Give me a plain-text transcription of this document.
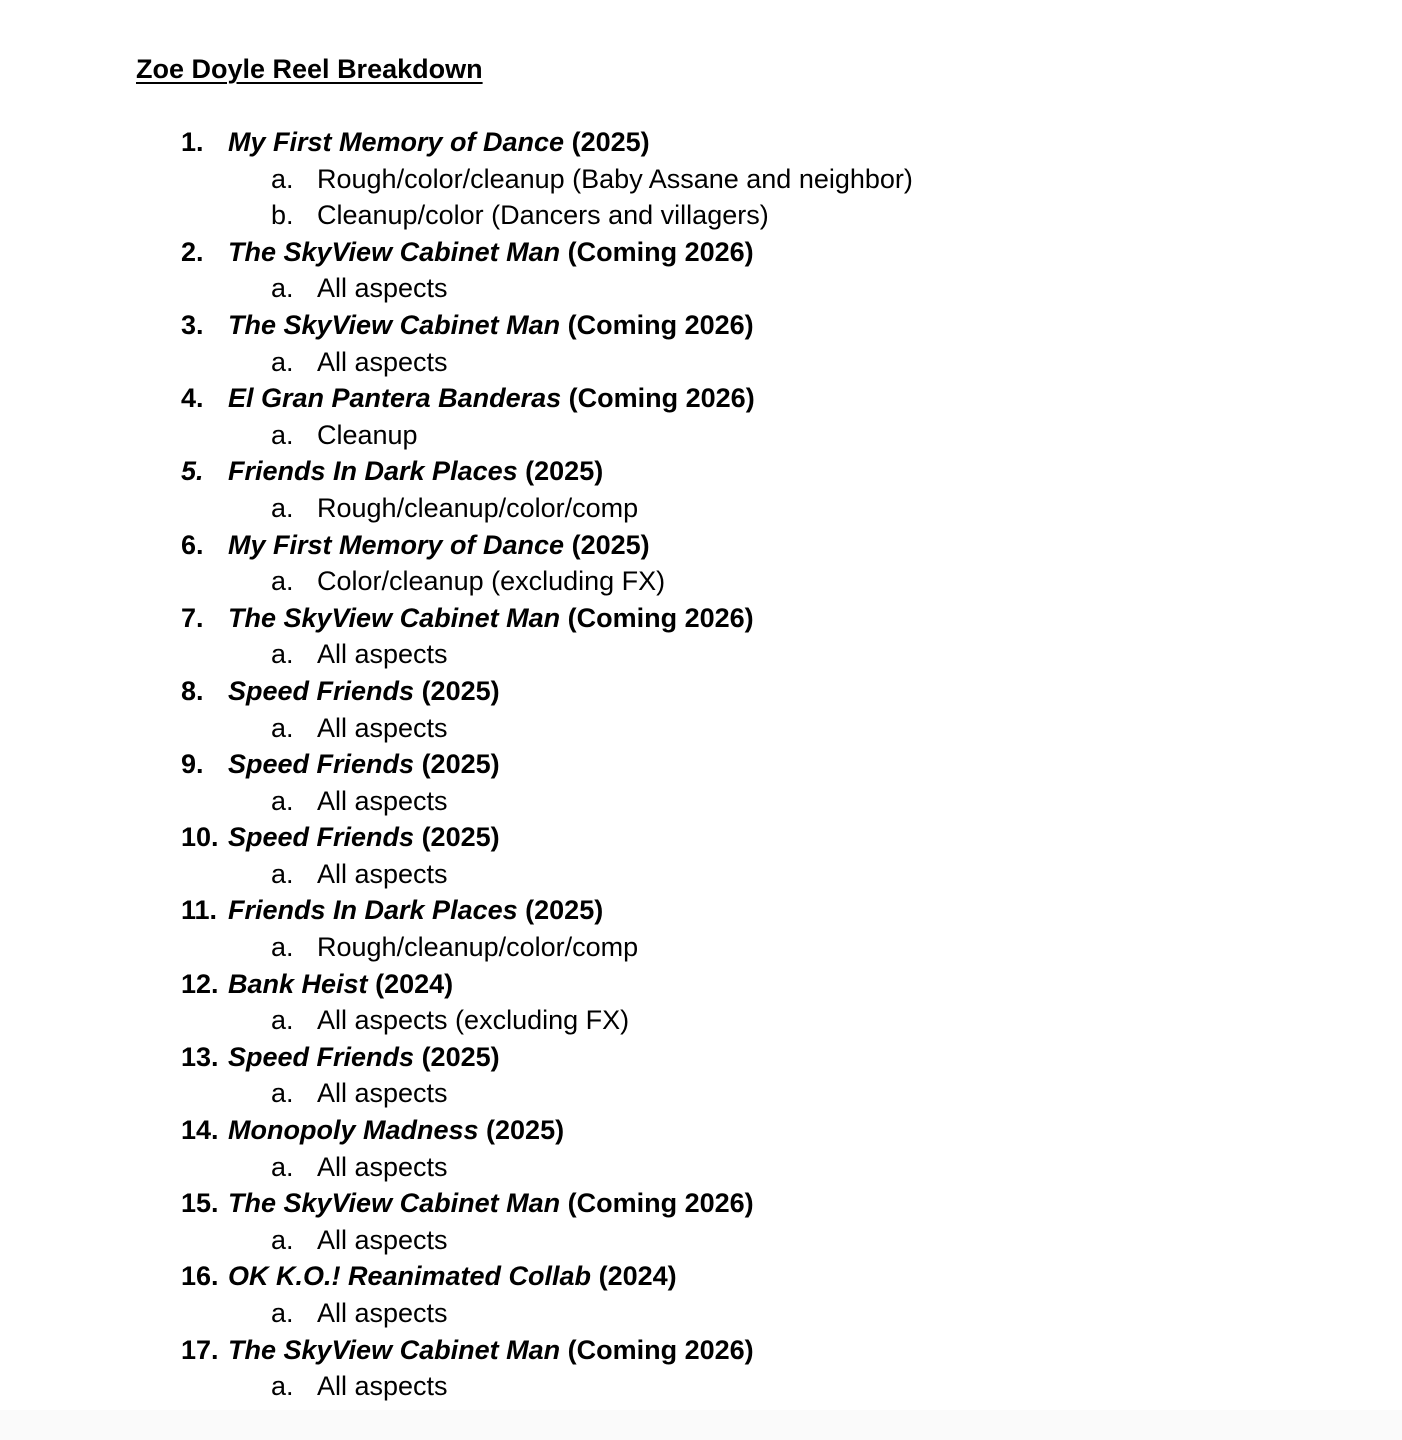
Zoe Doyle Reel Breakdown
1. My First Memory of Dance (2025)
a. Rough/color/cleanup (Baby Assane and neighbor)
b. Cleanup/color (Dancers and villagers)
2. The SkyView Cabinet Man (Coming 2026)
a. All aspects
3. The SkyView Cabinet Man (Coming 2026)
a. All aspects
4. El Gran Pantera Banderas (Coming 2026)
a. Cleanup
5. Friends In Dark Places (2025)
a. Rough/cleanup/color/comp
6. My First Memory of Dance (2025)
a. Color/cleanup (excluding FX)
7. The SkyView Cabinet Man (Coming 2026)
a. All aspects
8. Speed Friends (2025)
a. All aspects
9. Speed Friends (2025)
a. All aspects
10. Speed Friends (2025)
a. All aspects
11. Friends In Dark Places (2025)
a. Rough/cleanup/color/comp
12. Bank Heist (2024)
a. All aspects (excluding FX)
13. Speed Friends (2025)
a. All aspects
14. Monopoly Madness (2025)
a. All aspects
15. The SkyView Cabinet Man (Coming 2026)
a. All aspects
16. OK K.O.! Reanimated Collab (2024)
a. All aspects
17. The SkyView Cabinet Man (Coming 2026)
a. All aspects
